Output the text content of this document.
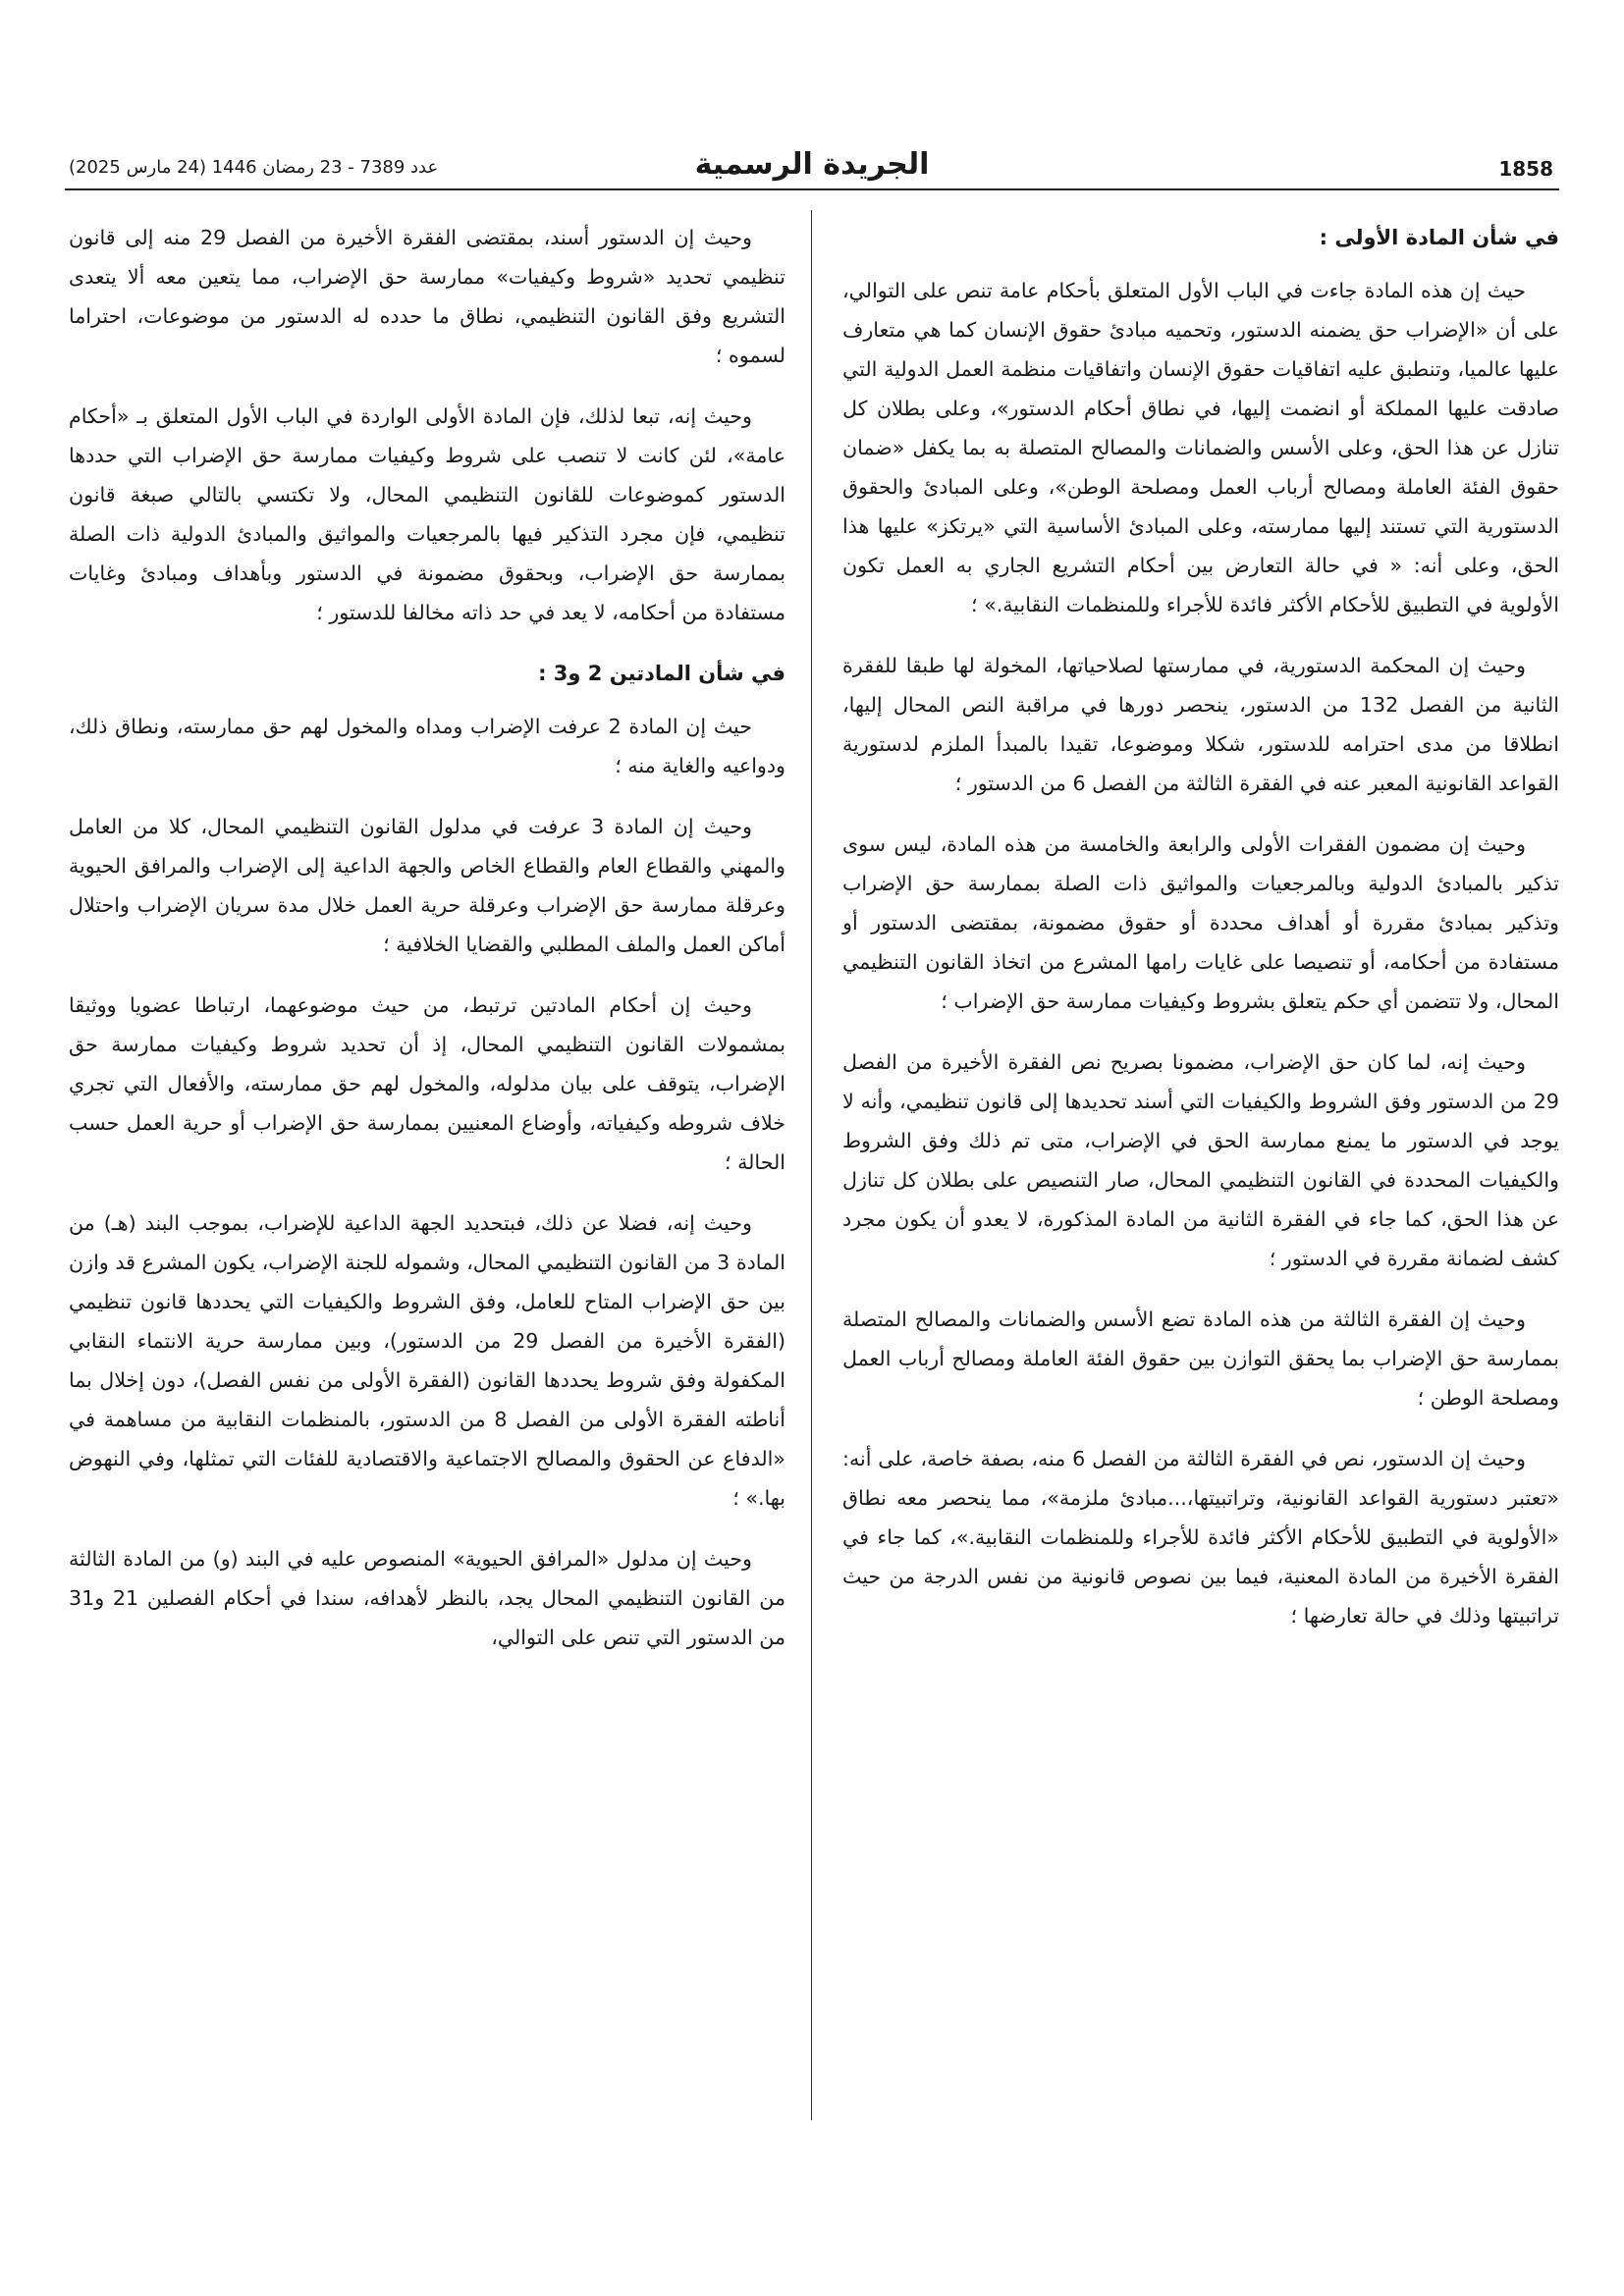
1858
الجريدة الرسمية
عدد 7389 - 23 رمضان 1446 (24 مارس 2025)
في شأن المادة الأولى :

حيث إن هذه المادة جاءت في الباب الأول المتعلق بأحكام عامة تنص على التوالي، على أن «الإضراب حق يضمنه الدستور، وتحميه مبادئ حقوق الإنسان كما هي متعارف عليها عالميا، وتنطبق عليه اتفاقيات حقوق الإنسان واتفاقيات منظمة العمل الدولية التي صادقت عليها المملكة أو انضمت إليها، في نطاق أحكام الدستور»، وعلى بطلان كل تنازل عن هذا الحق، وعلى الأسس والضمانات والمصالح المتصلة به بما يكفل «ضمان حقوق الفئة العاملة ومصالح أرباب العمل ومصلحة الوطن»، وعلى المبادئ والحقوق الدستورية التي تستند إليها ممارسته، وعلى المبادئ الأساسية التي «يرتكز» عليها هذا الحق، وعلى أنه: « في حالة التعارض بين أحكام التشريع الجاري به العمل تكون الأولوية في التطبيق للأحكام الأكثر فائدة للأجراء وللمنظمات النقابية.» ؛

وحيث إن المحكمة الدستورية، في ممارستها لصلاحياتها، المخولة لها طبقا للفقرة الثانية من الفصل 132 من الدستور، ينحصر دورها في مراقبة النص المحال إليها، انطلاقا من مدى احترامه للدستور، شكلا وموضوعا، تقيدا بالمبدأ الملزم لدستورية القواعد القانونية المعبر عنه في الفقرة الثالثة من الفصل 6 من الدستور ؛

وحيث إن مضمون الفقرات الأولى والرابعة والخامسة من هذه المادة، ليس سوى تذكير بالمبادئ الدولية وبالمرجعيات والمواثيق ذات الصلة بممارسة حق الإضراب وتذكير بمبادئ مقررة أو أهداف محددة أو حقوق مضمونة، بمقتضى الدستور أو مستفادة من أحكامه، أو تنصيصا على غايات رامها المشرع من اتخاذ القانون التنظيمي المحال، ولا تتضمن أي حكم يتعلق بشروط وكيفيات ممارسة حق الإضراب ؛

وحيث إنه، لما كان حق الإضراب، مضمونا بصريح نص الفقرة الأخيرة من الفصل 29 من الدستور وفق الشروط والكيفيات التي أسند تحديدها إلى قانون تنظيمي، وأنه لا يوجد في الدستور ما يمنع ممارسة الحق في الإضراب، متى تم ذلك وفق الشروط والكيفيات المحددة في القانون التنظيمي المحال، صار التنصيص على بطلان كل تنازل عن هذا الحق، كما جاء في الفقرة الثانية من المادة المذكورة، لا يعدو أن يكون مجرد كشف لضمانة مقررة في الدستور ؛

وحيث إن الفقرة الثالثة من هذه المادة تضع الأسس والضمانات والمصالح المتصلة بممارسة حق الإضراب بما يحقق التوازن بين حقوق الفئة العاملة ومصالح أرباب العمل ومصلحة الوطن ؛

وحيث إن الدستور، نص في الفقرة الثالثة من الفصل 6 منه، بصفة خاصة، على أنه: «تعتبر دستورية القواعد القانونية، وتراتبيتها،...مبادئ ملزمة»، مما ينحصر معه نطاق «الأولوية في التطبيق للأحكام الأكثر فائدة للأجراء وللمنظمات النقابية.»، كما جاء في الفقرة الأخيرة من المادة المعنية، فيما بين نصوص قانونية من نفس الدرجة من حيث تراتبيتها وذلك في حالة تعارضها ؛

وحيث إن الدستور أسند، بمقتضى الفقرة الأخيرة من الفصل 29 منه إلى قانون تنظيمي تحديد «شروط وكيفيات» ممارسة حق الإضراب، مما يتعين معه ألا يتعدى التشريع وفق القانون التنظيمي، نطاق ما حدده له الدستور من موضوعات، احتراما لسموه ؛

وحيث إنه، تبعا لذلك، فإن المادة الأولى الواردة في الباب الأول المتعلق بـ «أحكام عامة»، لئن كانت لا تنصب على شروط وكيفيات ممارسة حق الإضراب التي حددها الدستور كموضوعات للقانون التنظيمي المحال، ولا تكتسي بالتالي صبغة قانون تنظيمي، فإن مجرد التذكير فيها بالمرجعيات والمواثيق والمبادئ الدولية ذات الصلة بممارسة حق الإضراب، وبحقوق مضمونة في الدستور وبأهداف ومبادئ وغايات مستفادة من أحكامه، لا يعد في حد ذاته مخالفا للدستور ؛

في شأن المادتين 2 و3 :

حيث إن المادة 2 عرفت الإضراب ومداه والمخول لهم حق ممارسته، ونطاق ذلك، ودواعيه والغاية منه ؛

وحيث إن المادة 3 عرفت في مدلول القانون التنظيمي المحال، كلا من العامل والمهني والقطاع العام والقطاع الخاص والجهة الداعية إلى الإضراب والمرافق الحيوية وعرقلة ممارسة حق الإضراب وعرقلة حرية العمل خلال مدة سريان الإضراب واحتلال أماكن العمل والملف المطلبي والقضايا الخلافية ؛

وحيث إن أحكام المادتين ترتبط، من حيث موضوعهما، ارتباطا عضويا ووثيقا بمشمولات القانون التنظيمي المحال، إذ أن تحديد شروط وكيفيات ممارسة حق الإضراب، يتوقف على بيان مدلوله، والمخول لهم حق ممارسته، والأفعال التي تجري خلاف شروطه وكيفياته، وأوضاع المعنيين بممارسة حق الإضراب أو حرية العمل حسب الحالة ؛

وحيث إنه، فضلا عن ذلك، فبتحديد الجهة الداعية للإضراب، بموجب البند (هـ) من المادة 3 من القانون التنظيمي المحال، وشموله للجنة الإضراب، يكون المشرع قد وازن بين حق الإضراب المتاح للعامل، وفق الشروط والكيفيات التي يحددها قانون تنظيمي (الفقرة الأخيرة من الفصل 29 من الدستور)، وبين ممارسة حرية الانتماء النقابي المكفولة وفق شروط يحددها القانون (الفقرة الأولى من نفس الفصل)، دون إخلال بما أناطته الفقرة الأولى من الفصل 8 من الدستور، بالمنظمات النقابية من مساهمة في «الدفاع عن الحقوق والمصالح الاجتماعية والاقتصادية للفئات التي تمثلها، وفي النهوض بها.» ؛

وحيث إن مدلول «المرافق الحيوية» المنصوص عليه في البند (و) من المادة الثالثة من القانون التنظيمي المحال يجد، بالنظر لأهدافه، سندا في أحكام الفصلين 21 و31 من الدستور التي تنص على التوالي،
